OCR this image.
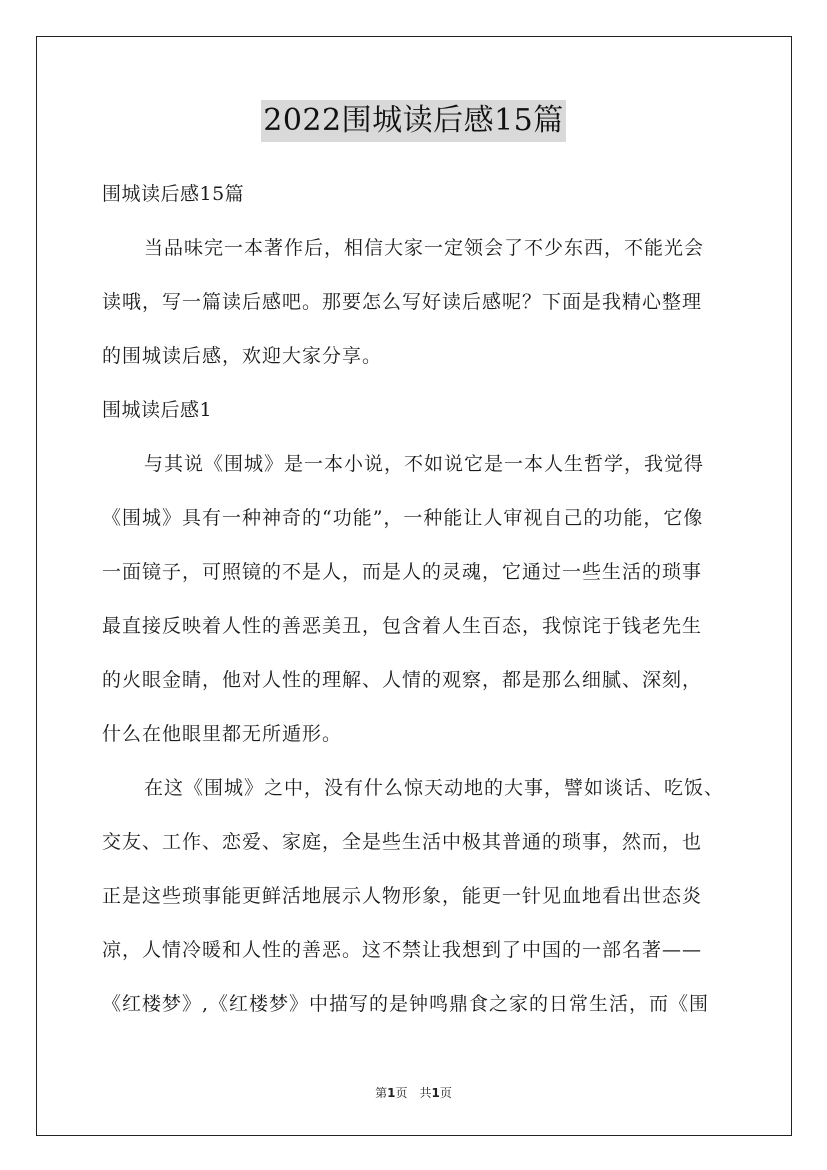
2022围城读后感15篇
围城读后感15篇
当品味完一本著作后，相信大家一定领会了不少东西，不能光会
读哦，写一篇读后感吧。那要怎么写好读后感呢？下面是我精心整理
的围城读后感，欢迎大家分享。
围城读后感1
与其说《围城》是一本小说，不如说它是一本人生哲学，我觉得
《围城》具有一种神奇的“功能”，一种能让人审视自己的功能，它像
一面镜子，可照镜的不是人，而是人的灵魂，它通过一些生活的琐事
最直接反映着人性的善恶美丑，包含着人生百态，我惊诧于钱老先生
的火眼金睛，他对人性的理解、人情的观察，都是那么细腻、深刻，
什么在他眼里都无所遁形。
在这《围城》之中，没有什么惊天动地的大事，譬如谈话、吃饭、
交友、工作、恋爱、家庭，全是些生活中极其普通的琐事，然而，也
正是这些琐事能更鲜活地展示人物形象，能更一针见血地看出世态炎
凉，人情冷暖和人性的善恶。这不禁让我想到了中国的一部名著——
《红楼梦》,《红楼梦》中描写的是钟鸣鼎食之家的日常生活，而《围
第1页　共1页
